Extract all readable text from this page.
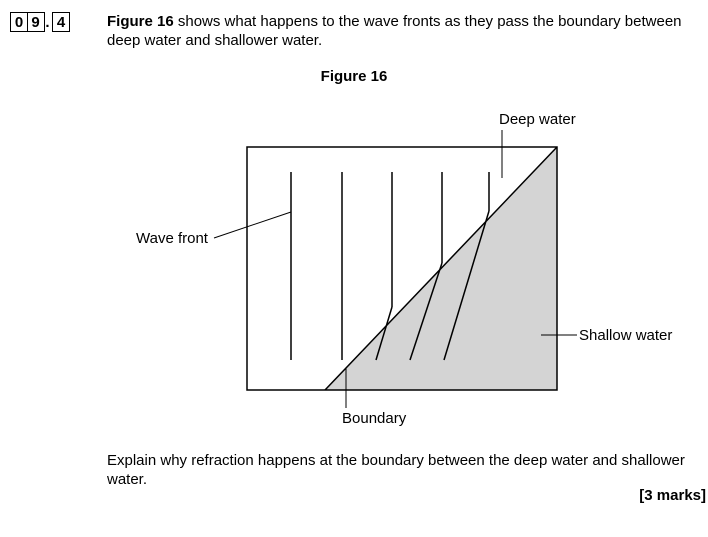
0 9 . 4	Figure 16 shows what happens to the wave fronts as they pass the boundary between deep water and shallower water.

Figure 16

Deep water
Wave front
Shallow water
Boundary

Explain why refraction happens at the boundary between the deep water and shallower water.

[3 marks]
